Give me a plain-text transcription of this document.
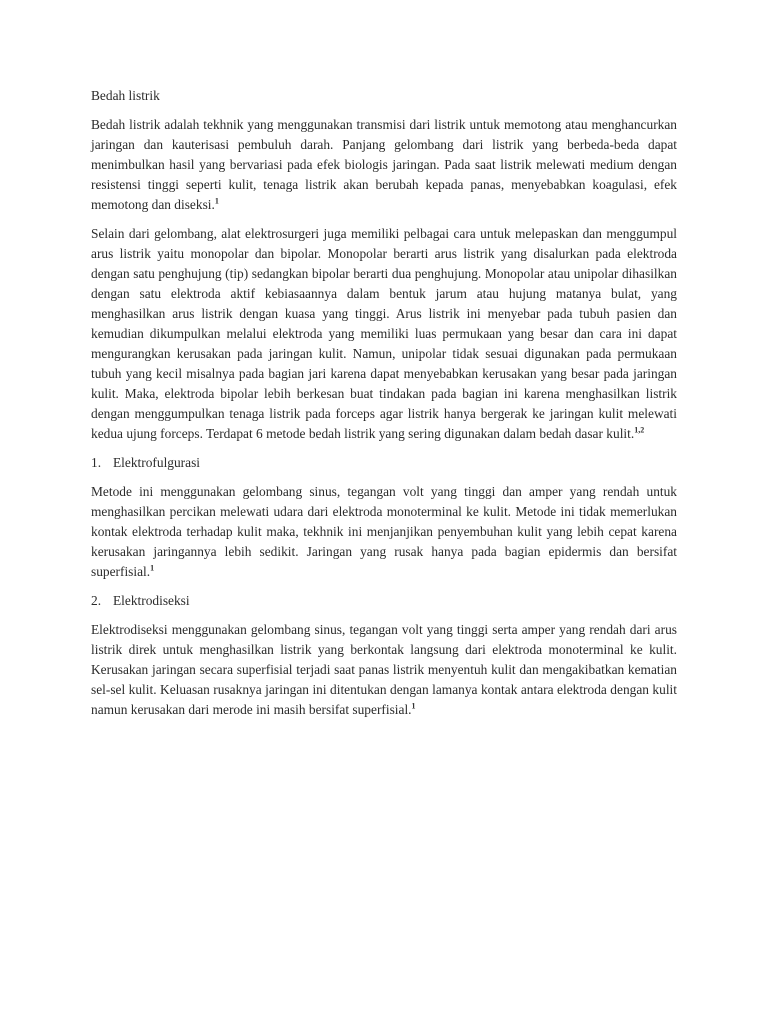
Bedah listrik

Bedah listrik adalah tekhnik yang menggunakan transmisi dari listrik untuk memotong atau menghancurkan jaringan dan kauterisasi pembuluh darah. Panjang gelombang dari listrik yang berbeda-beda dapat menimbulkan hasil yang bervariasi pada efek biologis jaringan. Pada saat listrik melewati medium dengan resistensi tinggi seperti kulit, tenaga listrik akan berubah kepada panas, menyebabkan koagulasi, efek memotong dan diseksi.$^1$

Selain dari gelombang, alat elektrosurgeri juga memiliki pelbagai cara untuk melepaskan dan menggumpul arus listrik yaitu monopolar dan bipolar. Monopolar berarti arus listrik yang disalurkan pada elektroda dengan satu penghujung (tip) sedangkan bipolar berarti dua penghujung. Monopolar atau unipolar dihasilkan dengan satu elektroda aktif kebiasaannya dalam bentuk jarum atau hujung matanya bulat, yang menghasilkan arus listrik dengan kuasa yang tinggi. Arus listrik ini menyebar pada tubuh pasien dan kemudian dikumpulkan melalui elektroda yang memiliki luas permukaan yang besar dan cara ini dapat mengurangkan kerusakan pada jaringan kulit. Namun, unipolar tidak sesuai digunakan pada permukaan tubuh yang kecil misalnya pada bagian jari karena dapat menyebabkan kerusakan yang besar pada jaringan kulit. Maka, elektroda bipolar lebih berkesan buat tindakan pada bagian ini karena menghasilkan listrik dengan menggumpulkan tenaga listrik pada forceps agar listrik hanya bergerak ke jaringan kulit melewati kedua ujung forceps. Terdapat 6 metode bedah listrik yang sering digunakan dalam bedah dasar kulit.$^{1,2}$

1. Elektrofulgurasi

Metode ini menggunakan gelombang sinus, tegangan volt yang tinggi dan amper yang rendah untuk menghasilkan percikan melewati udara dari elektroda monoterminal ke kulit. Metode ini tidak memerlukan kontak elektroda terhadap kulit maka, tekhnik ini menjanjikan penyembuhan kulit yang lebih cepat karena kerusakan jaringannya lebih sedikit. Jaringan yang rusak hanya pada bagian epidermis dan bersifat superfisial.$^1$

2. Elektrodiseksi

Elektrodiseksi menggunakan gelombang sinus, tegangan volt yang tinggi serta amper yang rendah dari arus listrik direk untuk menghasilkan listrik yang berkontak langsung dari elektroda monoterminal ke kulit. Kerusakan jaringan secara superfisial terjadi saat panas listrik menyentuh kulit dan mengakibatkan kematian sel-sel kulit. Keluasan rusaknya jaringan ini ditentukan dengan lamanya kontak antara elektroda dengan kulit namun kerusakan dari merode ini masih bersifat superfisial.$^1$
